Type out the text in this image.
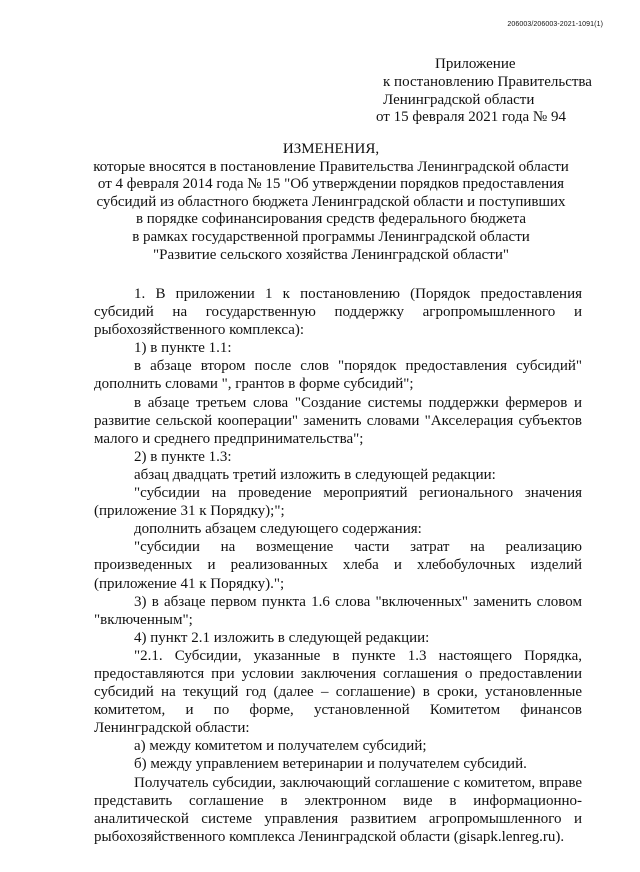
206003/206003-2021-1091(1)
Приложение
к постановлению Правительства
Ленинградской области
от 15 февраля 2021 года № 94
ИЗМЕНЕНИЯ,
которые вносятся в постановление Правительства Ленинградской области
от 4 февраля 2014 года № 15 "Об утверждении порядков предоставления
субсидий из областного бюджета Ленинградской области и поступивших
в порядке софинансирования средств федерального бюджета
в рамках государственной программы Ленинградской области
"Развитие сельского хозяйства Ленинградской области"

1. В приложении 1 к постановлению (Порядок предоставления субсидий на государственную поддержку агропромышленного и рыбохозяйственного комплекса):

1) в пункте 1.1:

в абзаце втором после слов "порядок предоставления субсидий" дополнить словами ", грантов в форме субсидий";

в абзаце третьем слова "Создание системы поддержки фермеров и развитие сельской кооперации" заменить словами "Акселерация субъектов малого и среднего предпринимательства";

2) в пункте 1.3:

абзац двадцать третий изложить в следующей редакции:

"субсидии на проведение мероприятий регионального значения (приложение 31 к Порядку);";

дополнить абзацем следующего содержания:

"субсидии на возмещение части затрат на реализацию произведенных и реализованных хлеба и хлебобулочных изделий (приложение 41 к Порядку).";

3) в абзаце первом пункта 1.6 слова "включенных" заменить словом "включенным";

4) пункт 2.1 изложить в следующей редакции:

"2.1. Субсидии, указанные в пункте 1.3 настоящего Порядка, предоставляются при условии заключения соглашения о предоставлении субсидий на текущий год (далее – соглашение) в сроки, установленные комитетом, и по форме, установленной Комитетом финансов Ленинградской области:

а) между комитетом и получателем субсидий;

б) между управлением ветеринарии и получателем субсидий.

Получатель субсидии, заключающий соглашение с комитетом, вправе представить соглашение в электронном виде в информационно-аналитической системе управления развитием агропромышленного и рыбохозяйственного комплекса Ленинградской области (gisapk.lenreg.ru).
